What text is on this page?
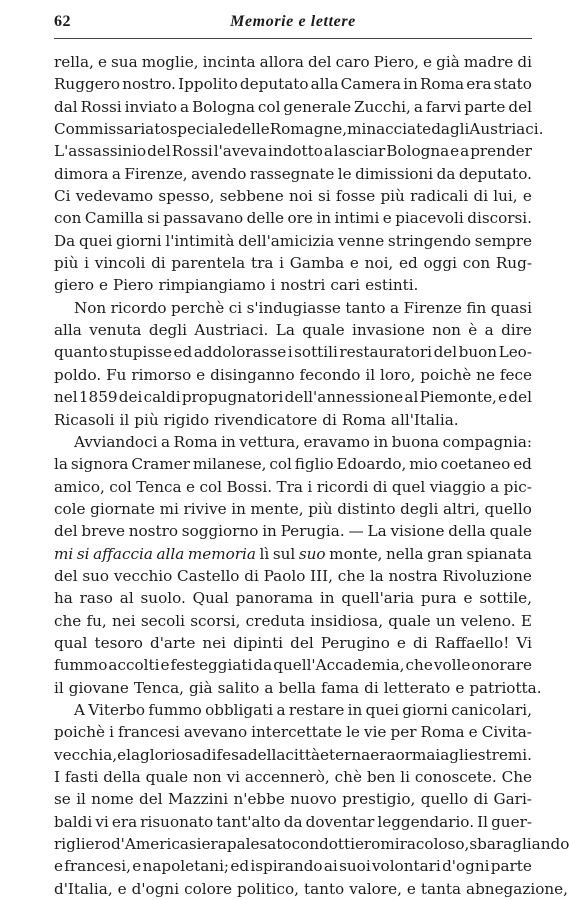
62	Memorie e lettere
rella, e sua moglie, incinta allora del caro Piero, e già madre di
Ruggero nostro. Ippolito deputato alla Camera in Roma era stato
dal Rossi inviato a Bologna col generale Zucchi, a farvi parte del
Commissariato speciale delle Romagne, minacciate dagli Austriaci.
L'assassinio del Rossi l'aveva indotto a lasciar Bologna e a prender
dimora a Firenze, avendo rassegnate le dimissioni da deputato.
Ci vedevamo spesso, sebbene noi si fosse più radicali di lui, e
con Camilla si passavano delle ore in intimi e piacevoli discorsi.
Da quei giorni l'intimità dell'amicizia venne stringendo sempre
più i vincoli di parentela tra i Gamba e noi, ed oggi con Rug-
giero e Piero rimpiangiamo i nostri cari estinti.
Non ricordo perchè ci s'indugiasse tanto a Firenze fin quasi
alla venuta degli Austriaci. La quale invasione non è a dire
quanto stupisse ed addolorasse i sottili restauratori del buon Leo-
poldo. Fu rimorso e disinganno fecondo il loro, poichè ne fece
nel 1859 dei caldi propugnatori dell'annessione al Piemonte, e del
Ricasoli il più rigido rivendicatore di Roma all'Italia.
Avviandoci a Roma in vettura, eravamo in buona compagnia:
la signora Cramer milanese, col figlio Edoardo, mio coetaneo ed
amico, col Tenca e col Bossi. Tra i ricordi di quel viaggio a pic-
cole giornate mi rivive in mente, più distinto degli altri, quello
del breve nostro soggiorno in Perugia. — La visione della quale
mi si affaccia alla memoria lì sul suo monte, nella gran spianata
del suo vecchio Castello di Paolo III, che la nostra Rivoluzione
ha raso al suolo. Qual panorama in quell'aria pura e sottile,
che fu, nei secoli scorsi, creduta insidiosa, quale un veleno. E
qual tesoro d'arte nei dipinti del Perugino e di Raffaello! Vi
fummo accolti e festeggiati da quell'Accademia, che volle onorare
il giovane Tenca, già salito a bella fama di letterato e patriotta.
A Viterbo fummo obbligati a restare in quei giorni canicolari,
poichè i francesi avevano intercettate le vie per Roma e Civita-
vecchia, e la gloriosa difesa della città eterna era ormai agli estremi.
I fasti della quale non vi accennerò, chè ben li conoscete. Che
se il nome del Mazzini n'ebbe nuovo prestigio, quello di Gari-
baldi vi era risuonato tant'alto da doventar leggendario. Il guer-
rigliero d'America si era palesato condottiero miracoloso, sbaragliando
e francesi, e napoletani; ed ispirando ai suoi volontari d'ogni parte
d'Italia, e d'ogni colore politico, tanto valore, e tanta abnegazione,
